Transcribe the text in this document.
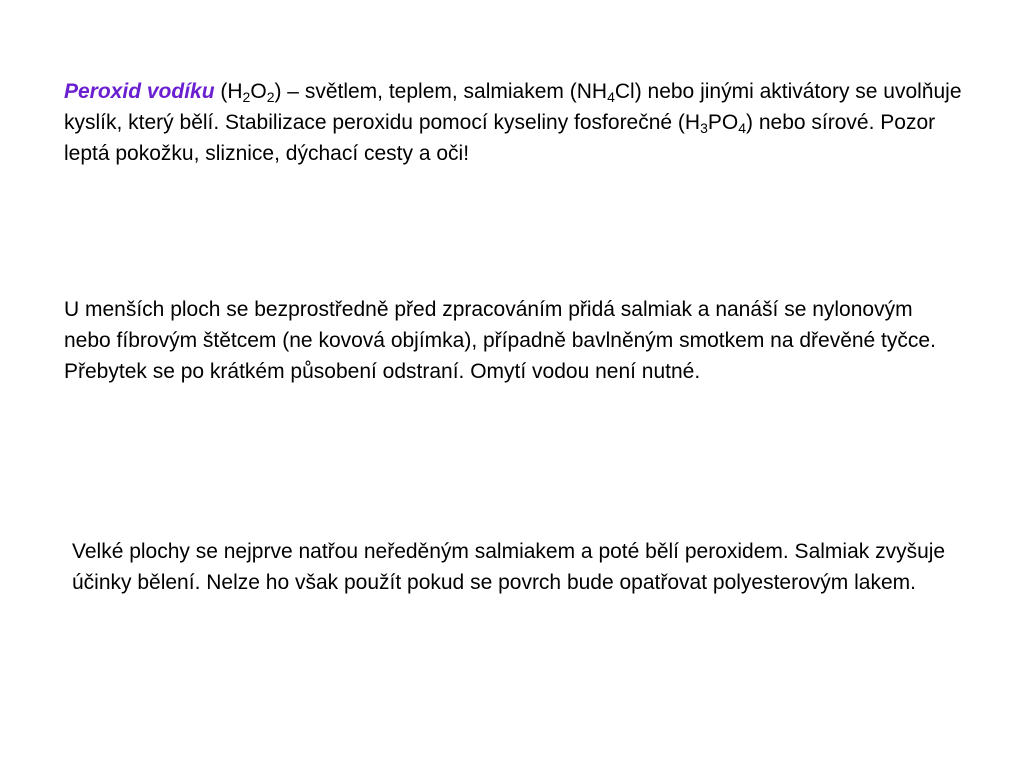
Peroxid vodíku $(H_2O_2)$ – světlem, teplem, salmiakem $(NH_4Cl)$ nebo jinými aktivátory se uvolňuje kyslík, který bělí. Stabilizace peroxidu pomocí kyseliny fosforečné $(H_3PO_4)$ nebo sírové. Pozor leptá pokožku, sliznice, dýchací cesty a oči!

U menších ploch se bezprostředně před zpracováním přidá salmiak a nanáší se nylonovým nebo fíbrovým štětcem (ne kovová objímka), případně bavlněným smotkem na dřevěné tyčce. Přebytek se po krátkém působení odstraní. Omytí vodou není nutné.

Velké plochy se nejprve natřou neředěným salmiakem a poté bělí peroxidem. Salmiak zvyšuje účinky bělení. Nelze ho však použít pokud se povrch bude opatřovat polyesterovým lakem.
